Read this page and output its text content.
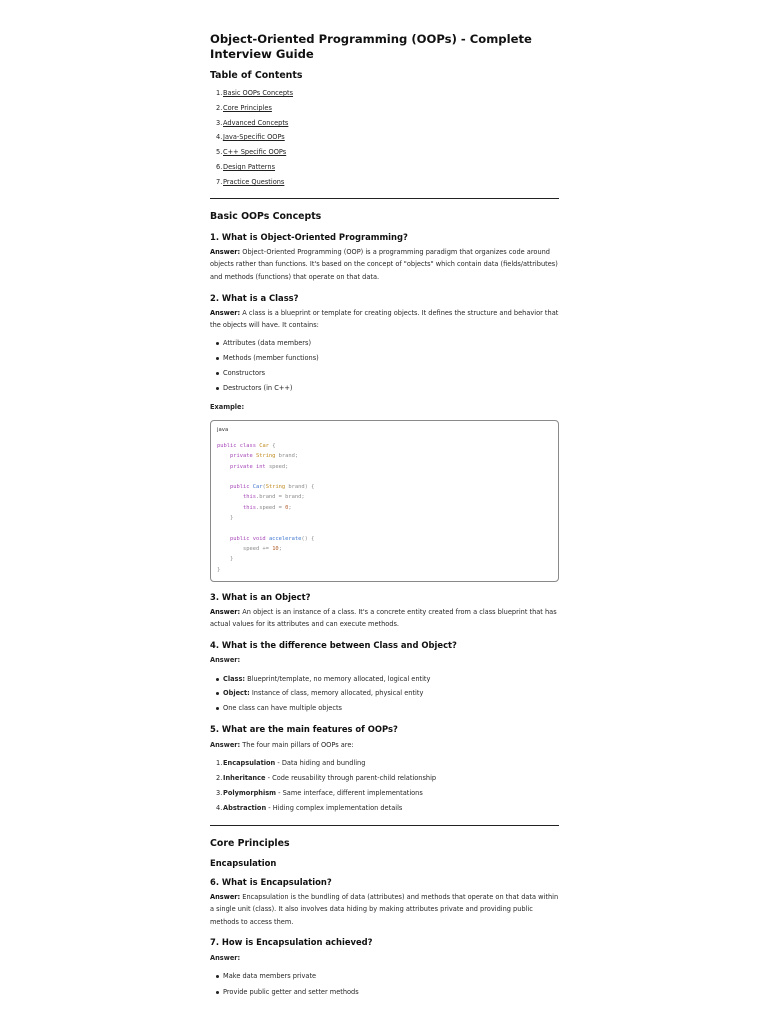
Object-Oriented Programming (OOPs) - Complete Interview Guide
Table of Contents
1. Basic OOPs Concepts
2. Core Principles
3. Advanced Concepts
4. Java-Specific OOPs
5. C++ Specific OOPs
6. Design Patterns
7. Practice Questions
Basic OOPs Concepts
1. What is Object-Oriented Programming?
Answer: Object-Oriented Programming (OOP) is a programming paradigm that organizes code around objects rather than functions. It's based on the concept of "objects" which contain data (fields/attributes) and methods (functions) that operate on that data.
2. What is a Class?
Answer: A class is a blueprint or template for creating objects. It defines the structure and behavior that the objects will have. It contains:
Attributes (data members)
Methods (member functions)
Constructors
Destructors (in C++)
Example:
java
public class Car {
private String brand;
private int speed;

public Car(String brand) {
this.brand = brand;
this.speed = 0;
}

public void accelerate() {
speed += 10;
}
}
3. What is an Object?
Answer: An object is an instance of a class. It's a concrete entity created from a class blueprint that has actual values for its attributes and can execute methods.
4. What is the difference between Class and Object?
Answer:
Class: Blueprint/template, no memory allocated, logical entity
Object: Instance of class, memory allocated, physical entity
One class can have multiple objects
5. What are the main features of OOPs?
Answer: The four main pillars of OOPs are:
1. Encapsulation - Data hiding and bundling
2. Inheritance - Code reusability through parent-child relationship
3. Polymorphism - Same interface, different implementations
4. Abstraction - Hiding complex implementation details
Core Principles
Encapsulation
6. What is Encapsulation?
Answer: Encapsulation is the bundling of data (attributes) and methods that operate on that data within a single unit (class). It also involves data hiding by making attributes private and providing public methods to access them.
7. How is Encapsulation achieved?
Answer:
Make data members private
Provide public getter and setter methods
